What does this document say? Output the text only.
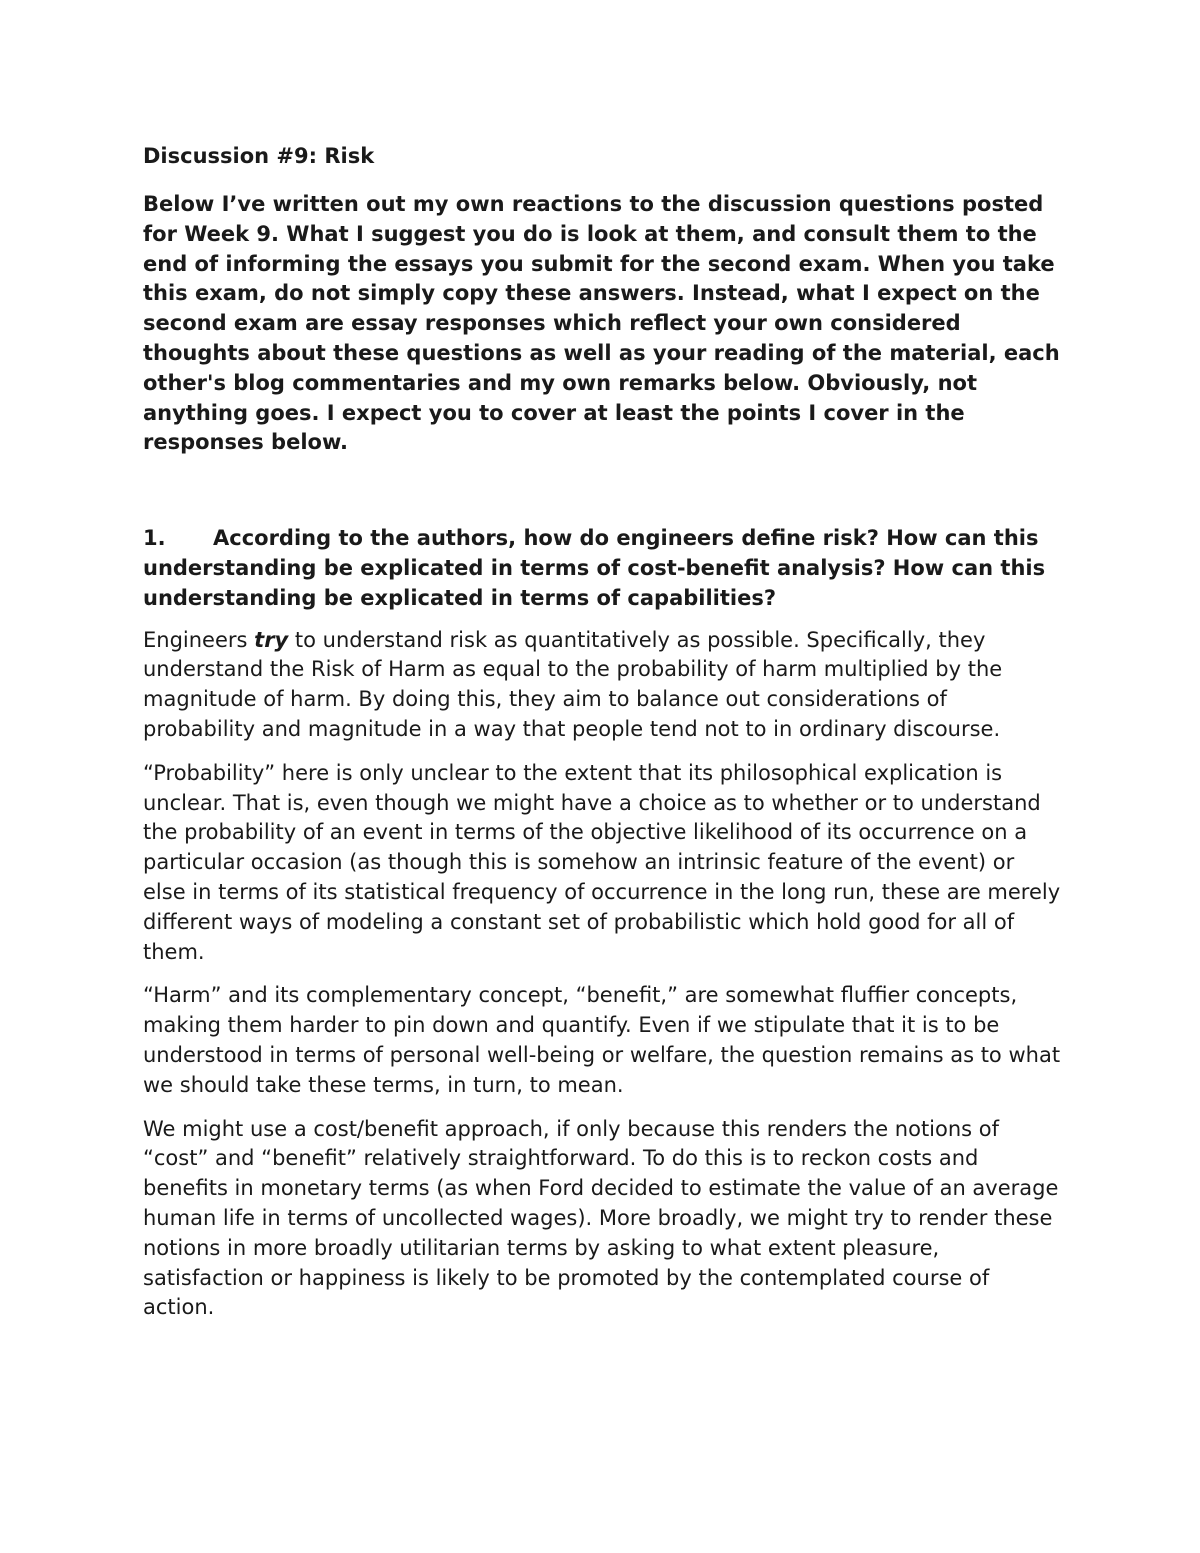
Discussion #9: Risk

Below I’ve written out my own reactions to the discussion questions posted for Week 9. What I suggest you do is look at them, and consult them to the end of informing the essays you submit for the second exam. When you take this exam, do not simply copy these answers. Instead, what I expect on the second exam are essay responses which reflect your own considered thoughts about these questions as well as your reading of the material, each other's blog commentaries and my own remarks below. Obviously, not anything goes. I expect you to cover at least the points I cover in the responses below.

1. According to the authors, how do engineers define risk? How can this understanding be explicated in terms of cost-benefit analysis? How can this understanding be explicated in terms of capabilities?

Engineers try to understand risk as quantitatively as possible. Specifically, they understand the Risk of Harm as equal to the probability of harm multiplied by the magnitude of harm. By doing this, they aim to balance out considerations of probability and magnitude in a way that people tend not to in ordinary discourse.

“Probability” here is only unclear to the extent that its philosophical explication is unclear. That is, even though we might have a choice as to whether or to understand the probability of an event in terms of the objective likelihood of its occurrence on a particular occasion (as though this is somehow an intrinsic feature of the event) or else in terms of its statistical frequency of occurrence in the long run, these are merely different ways of modeling a constant set of probabilistic which hold good for all of them.

“Harm” and its complementary concept, “benefit,” are somewhat fluffier concepts, making them harder to pin down and quantify. Even if we stipulate that it is to be understood in terms of personal well-being or welfare, the question remains as to what we should take these terms, in turn, to mean.

We might use a cost/benefit approach, if only because this renders the notions of “cost” and “benefit” relatively straightforward. To do this is to reckon costs and benefits in monetary terms (as when Ford decided to estimate the value of an average human life in terms of uncollected wages). More broadly, we might try to render these notions in more broadly utilitarian terms by asking to what extent pleasure, satisfaction or happiness is likely to be promoted by the contemplated course of action.
